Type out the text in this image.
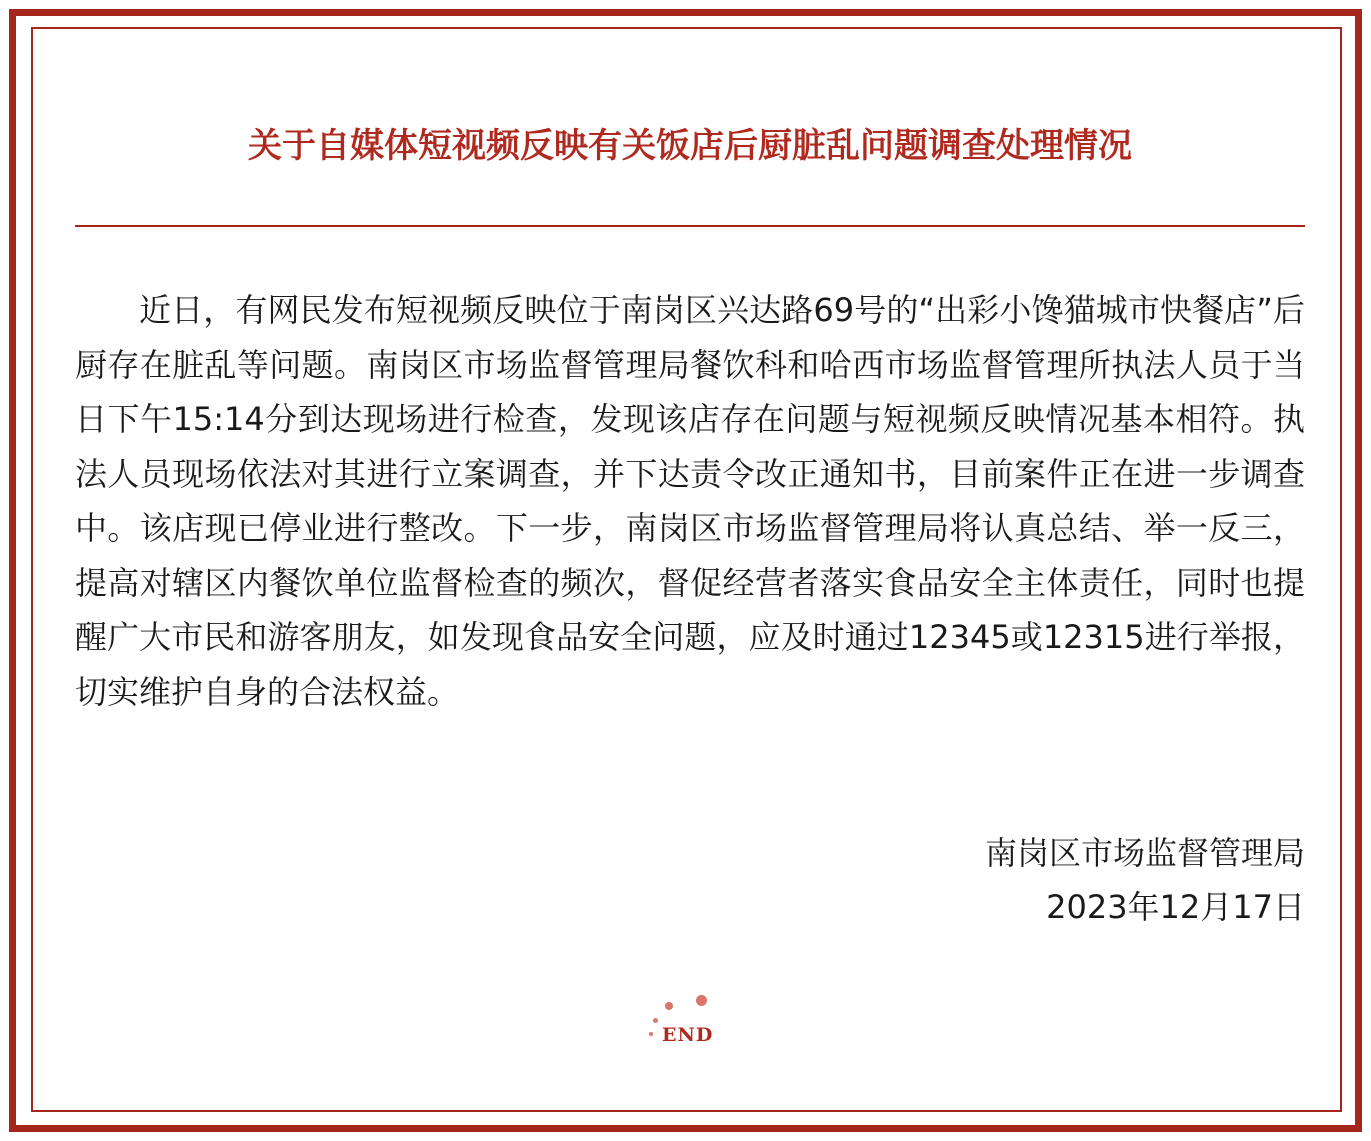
关于自媒体短视频反映有关饭店后厨脏乱问题调查处理情况

近日，有网民发布短视频反映位于南岗区兴达路69号的“出彩小馋猫城市快餐店”后厨存在脏乱等问题。南岗区市场监督管理局餐饮科和哈西市场监督管理所执法人员于当日下午15:14分到达现场进行检查，发现该店存在问题与短视频反映情况基本相符。执法人员现场依法对其进行立案调查，并下达责令改正通知书，目前案件正在进一步调查中。该店现已停业进行整改。下一步，南岗区市场监督管理局将认真总结、举一反三，提高对辖区内餐饮单位监督检查的频次，督促经营者落实食品安全主体责任，同时也提醒广大市民和游客朋友，如发现食品安全问题，应及时通过12345或12315进行举报，切实维护自身的合法权益。

南岗区市场监督管理局
2023年12月17日
END
